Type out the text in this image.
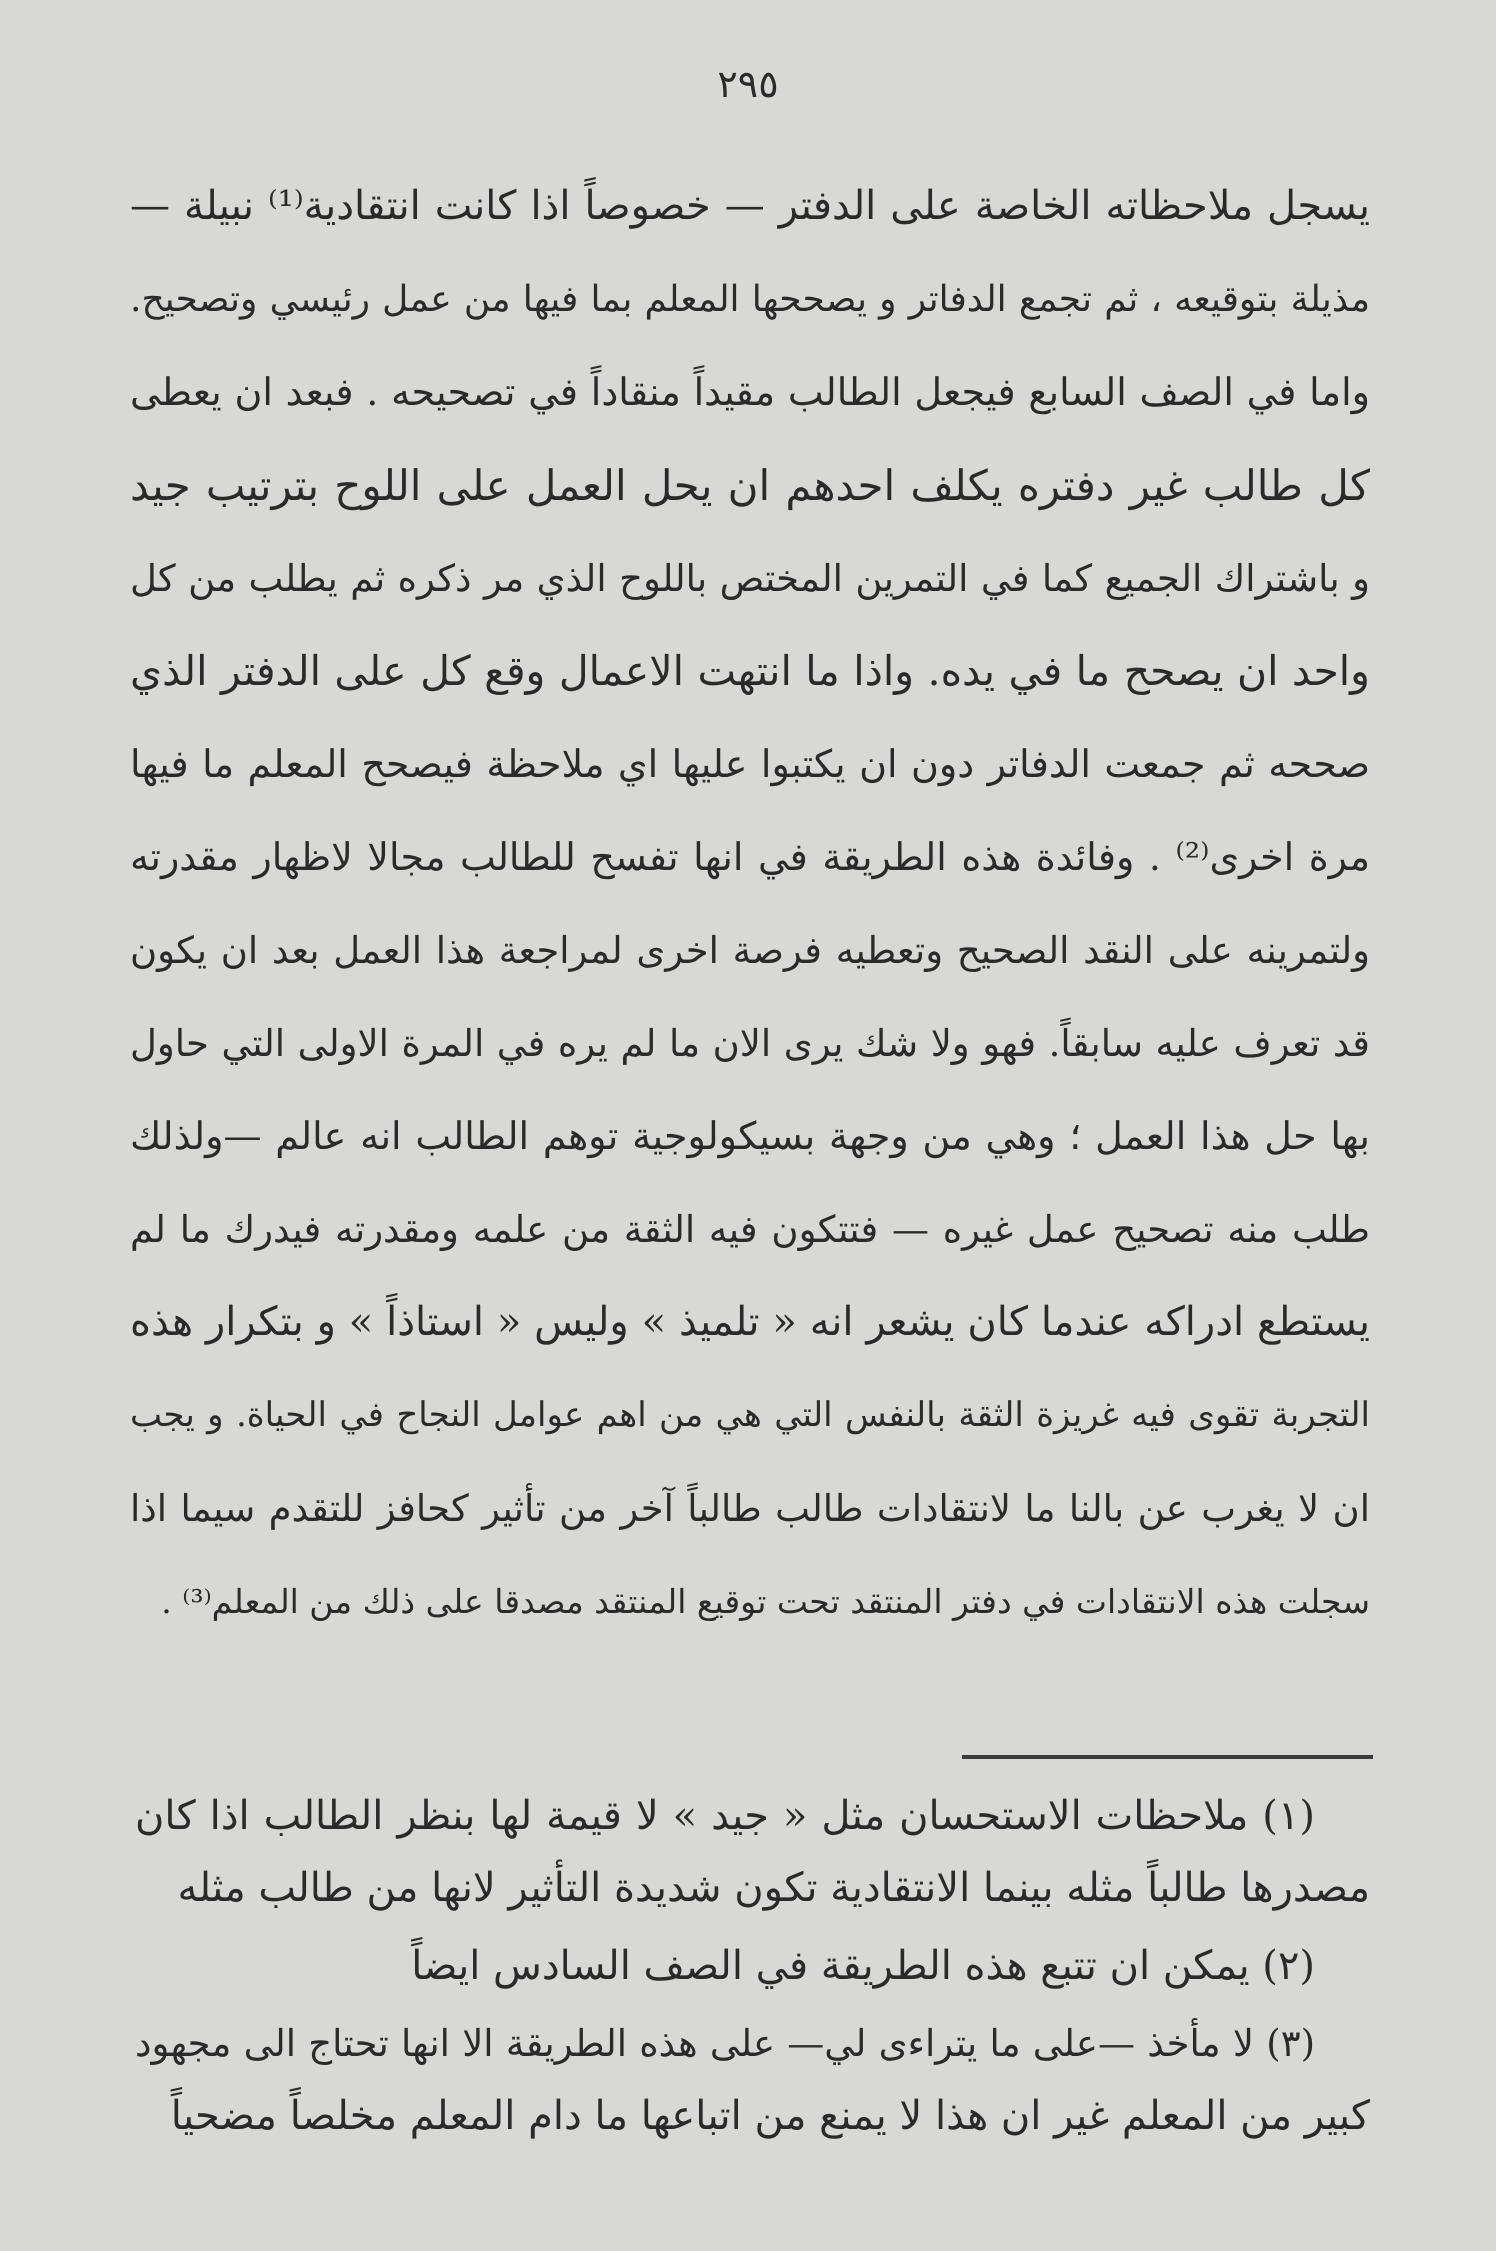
٢٩٥
يسجل ملاحظاته الخاصة على الدفتر — خصوصاً اذا كانت انتقادية⁽¹⁾ نبيلة —
مذيلة بتوقيعه ، ثم تجمع الدفاتر و يصححها المعلم بما فيها من عمل رئيسي وتصحيح.
واما في الصف السابع فيجعل الطالب مقيداً منقاداً في تصحيحه . فبعد ان يعطى
كل طالب غير دفتره يكلف احدهم ان يحل العمل على اللوح بترتيب جيد
و باشتراك الجميع كما في التمرين المختص باللوح الذي مر ذكره ثم يطلب من كل
واحد ان يصحح ما في يده. واذا ما انتهت الاعمال وقع كل على الدفتر الذي
صححه ثم جمعت الدفاتر دون ان يكتبوا عليها اي ملاحظة فيصحح المعلم ما فيها
مرة اخرى⁽²⁾ . وفائدة هذه الطريقة في انها تفسح للطالب مجالا لاظهار مقدرته
ولتمرينه على النقد الصحيح وتعطيه فرصة اخرى لمراجعة هذا العمل بعد ان يكون
قد تعرف عليه سابقاً. فهو ولا شك يرى الان ما لم يره في المرة الاولى التي حاول
بها حل هذا العمل ؛ وهي من وجهة بسيكولوجية توهم الطالب انه عالم —ولذلك
طلب منه تصحيح عمل غيره — فتتكون فيه الثقة من علمه ومقدرته فيدرك ما لم
يستطع ادراكه عندما كان يشعر انه « تلميذ » وليس « استاذاً » و بتكرار هذه
التجربة تقوى فيه غريزة الثقة بالنفس التي هي من اهم عوامل النجاح في الحياة. و يجب
ان لا يغرب عن بالنا ما لانتقادات طالب طالباً آخر من تأثير كحافز للتقدم سيما اذا
سجلت هذه الانتقادات في دفتر المنتقد تحت توقيع المنتقد مصدقا على ذلك من المعلم⁽³⁾ .
(١) ملاحظات الاستحسان مثل « جيد » لا قيمة لها بنظر الطالب اذا كان
مصدرها طالباً مثله بينما الانتقادية تكون شديدة التأثير لانها من طالب مثله
(٢) يمكن ان تتبع هذه الطريقة في الصف السادس ايضاً
(٣) لا مأخذ —على ما يتراءى لي— على هذه الطريقة الا انها تحتاج الى مجهود
كبير من المعلم غير ان هذا لا يمنع من اتباعها ما دام المعلم مخلصاً مضحياً
